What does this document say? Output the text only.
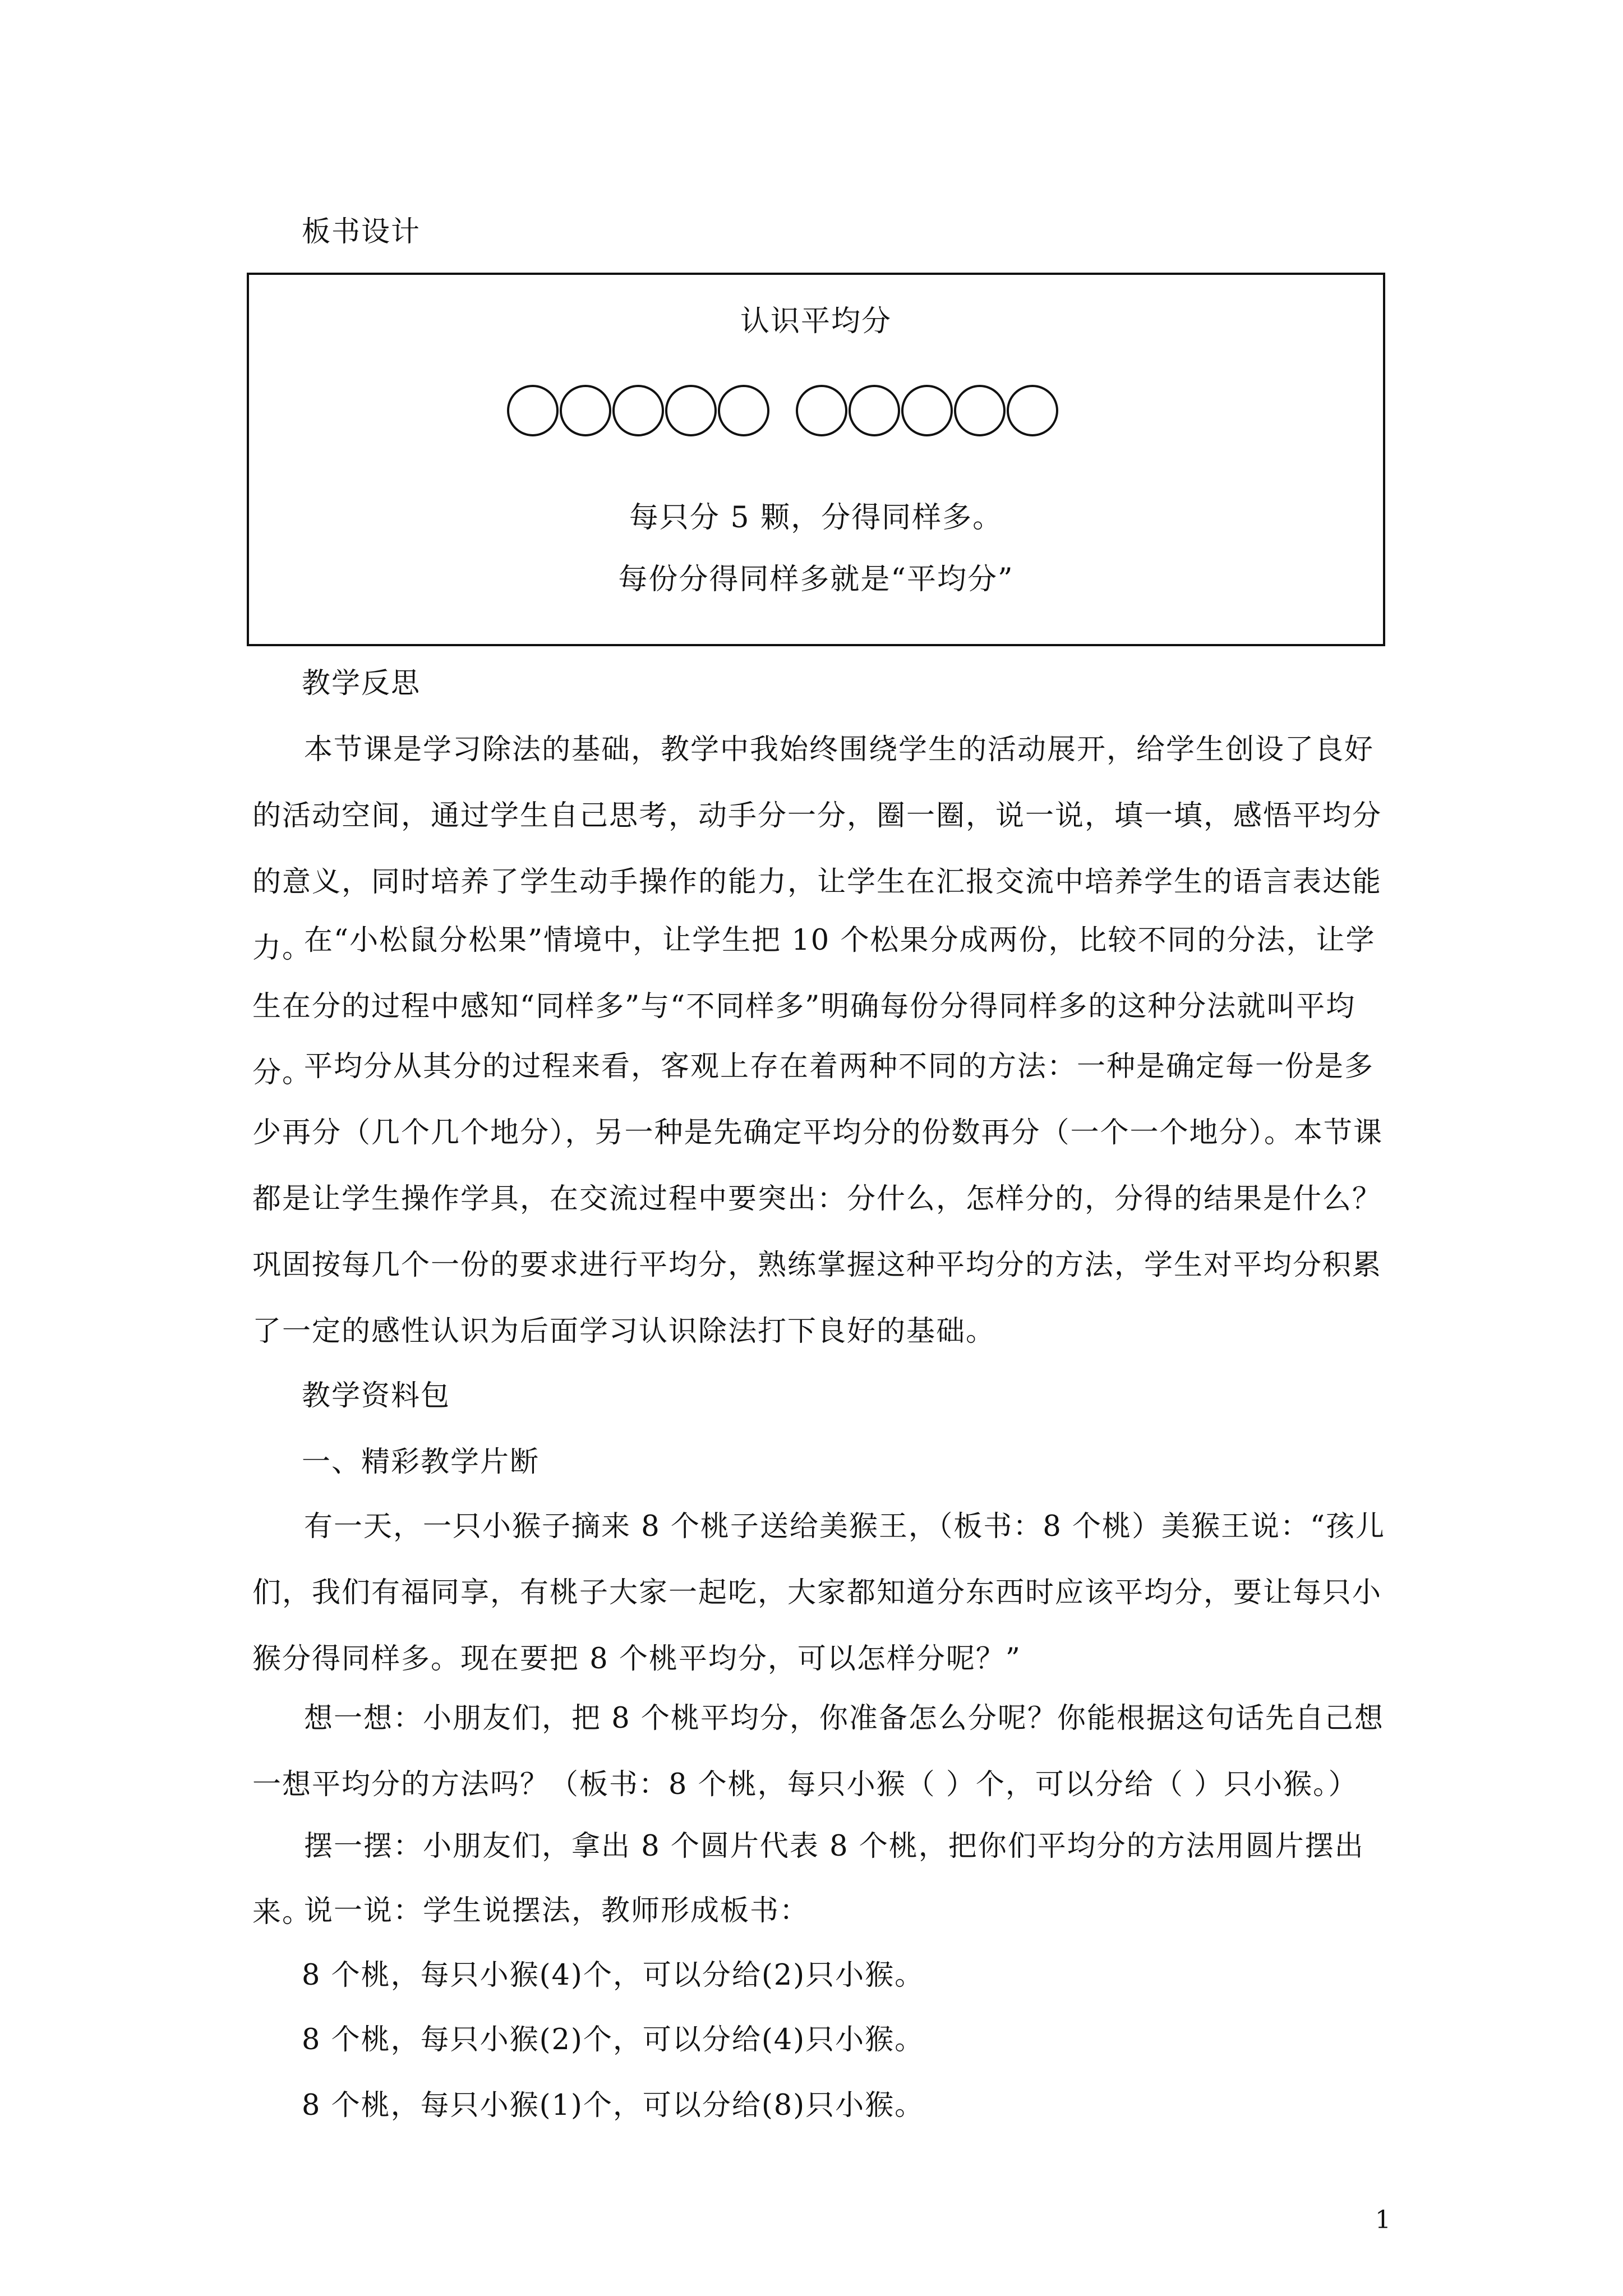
板书设计
认识平均分
每只分 5 颗，分得同样多。
每份分得同样多就是“平均分”
教学反思
本节课是学习除法的基础，教学中我始终围绕学生的活动展开，给学生创设了良好的活动空间，通过学生自己思考，动手分一分，圈一圈，说一说，填一填，感悟平均分的意义，同时培养了学生动手操作的能力，让学生在汇报交流中培养学生的语言表达能力。
在“小松鼠分松果”情境中，让学生把 10 个松果分成两份，比较不同的分法，让学生在分的过程中感知“同样多”与“不同样多”明确每份分得同样多的这种分法就叫平均分。
平均分从其分的过程来看，客观上存在着两种不同的方法：一种是确定每一份是多少再分（几个几个地分），另一种是先确定平均分的份数再分（一个一个地分）。本节课都是让学生操作学具，在交流过程中要突出：分什么，怎样分的，分得的结果是什么？巩固按每几个一份的要求进行平均分，熟练掌握这种平均分的方法，学生对平均分积累了一定的感性认识为后面学习认识除法打下良好的基础。
教学资料包
一、精彩教学片断
有一天，一只小猴子摘来 8 个桃子送给美猴王，（板书：8 个桃）美猴王说：“孩儿们，我们有福同享，有桃子大家一起吃，大家都知道分东西时应该平均分，要让每只小猴分得同样多。现在要把 8 个桃平均分，可以怎样分呢？”
想一想：小朋友们，把 8 个桃平均分，你准备怎么分呢？你能根据这句话先自己想一想平均分的方法吗？（板书：8 个桃，每只小猴（ ）个，可以分给（ ）只小猴。）
摆一摆：小朋友们，拿出 8 个圆片代表 8 个桃，把你们平均分的方法用圆片摆出来。
说一说：学生说摆法，教师形成板书：
8 个桃，每只小猴(4)个，可以分给(2)只小猴。
8 个桃，每只小猴(2)个，可以分给(4)只小猴。
8 个桃，每只小猴(1)个，可以分给(8)只小猴。
1
